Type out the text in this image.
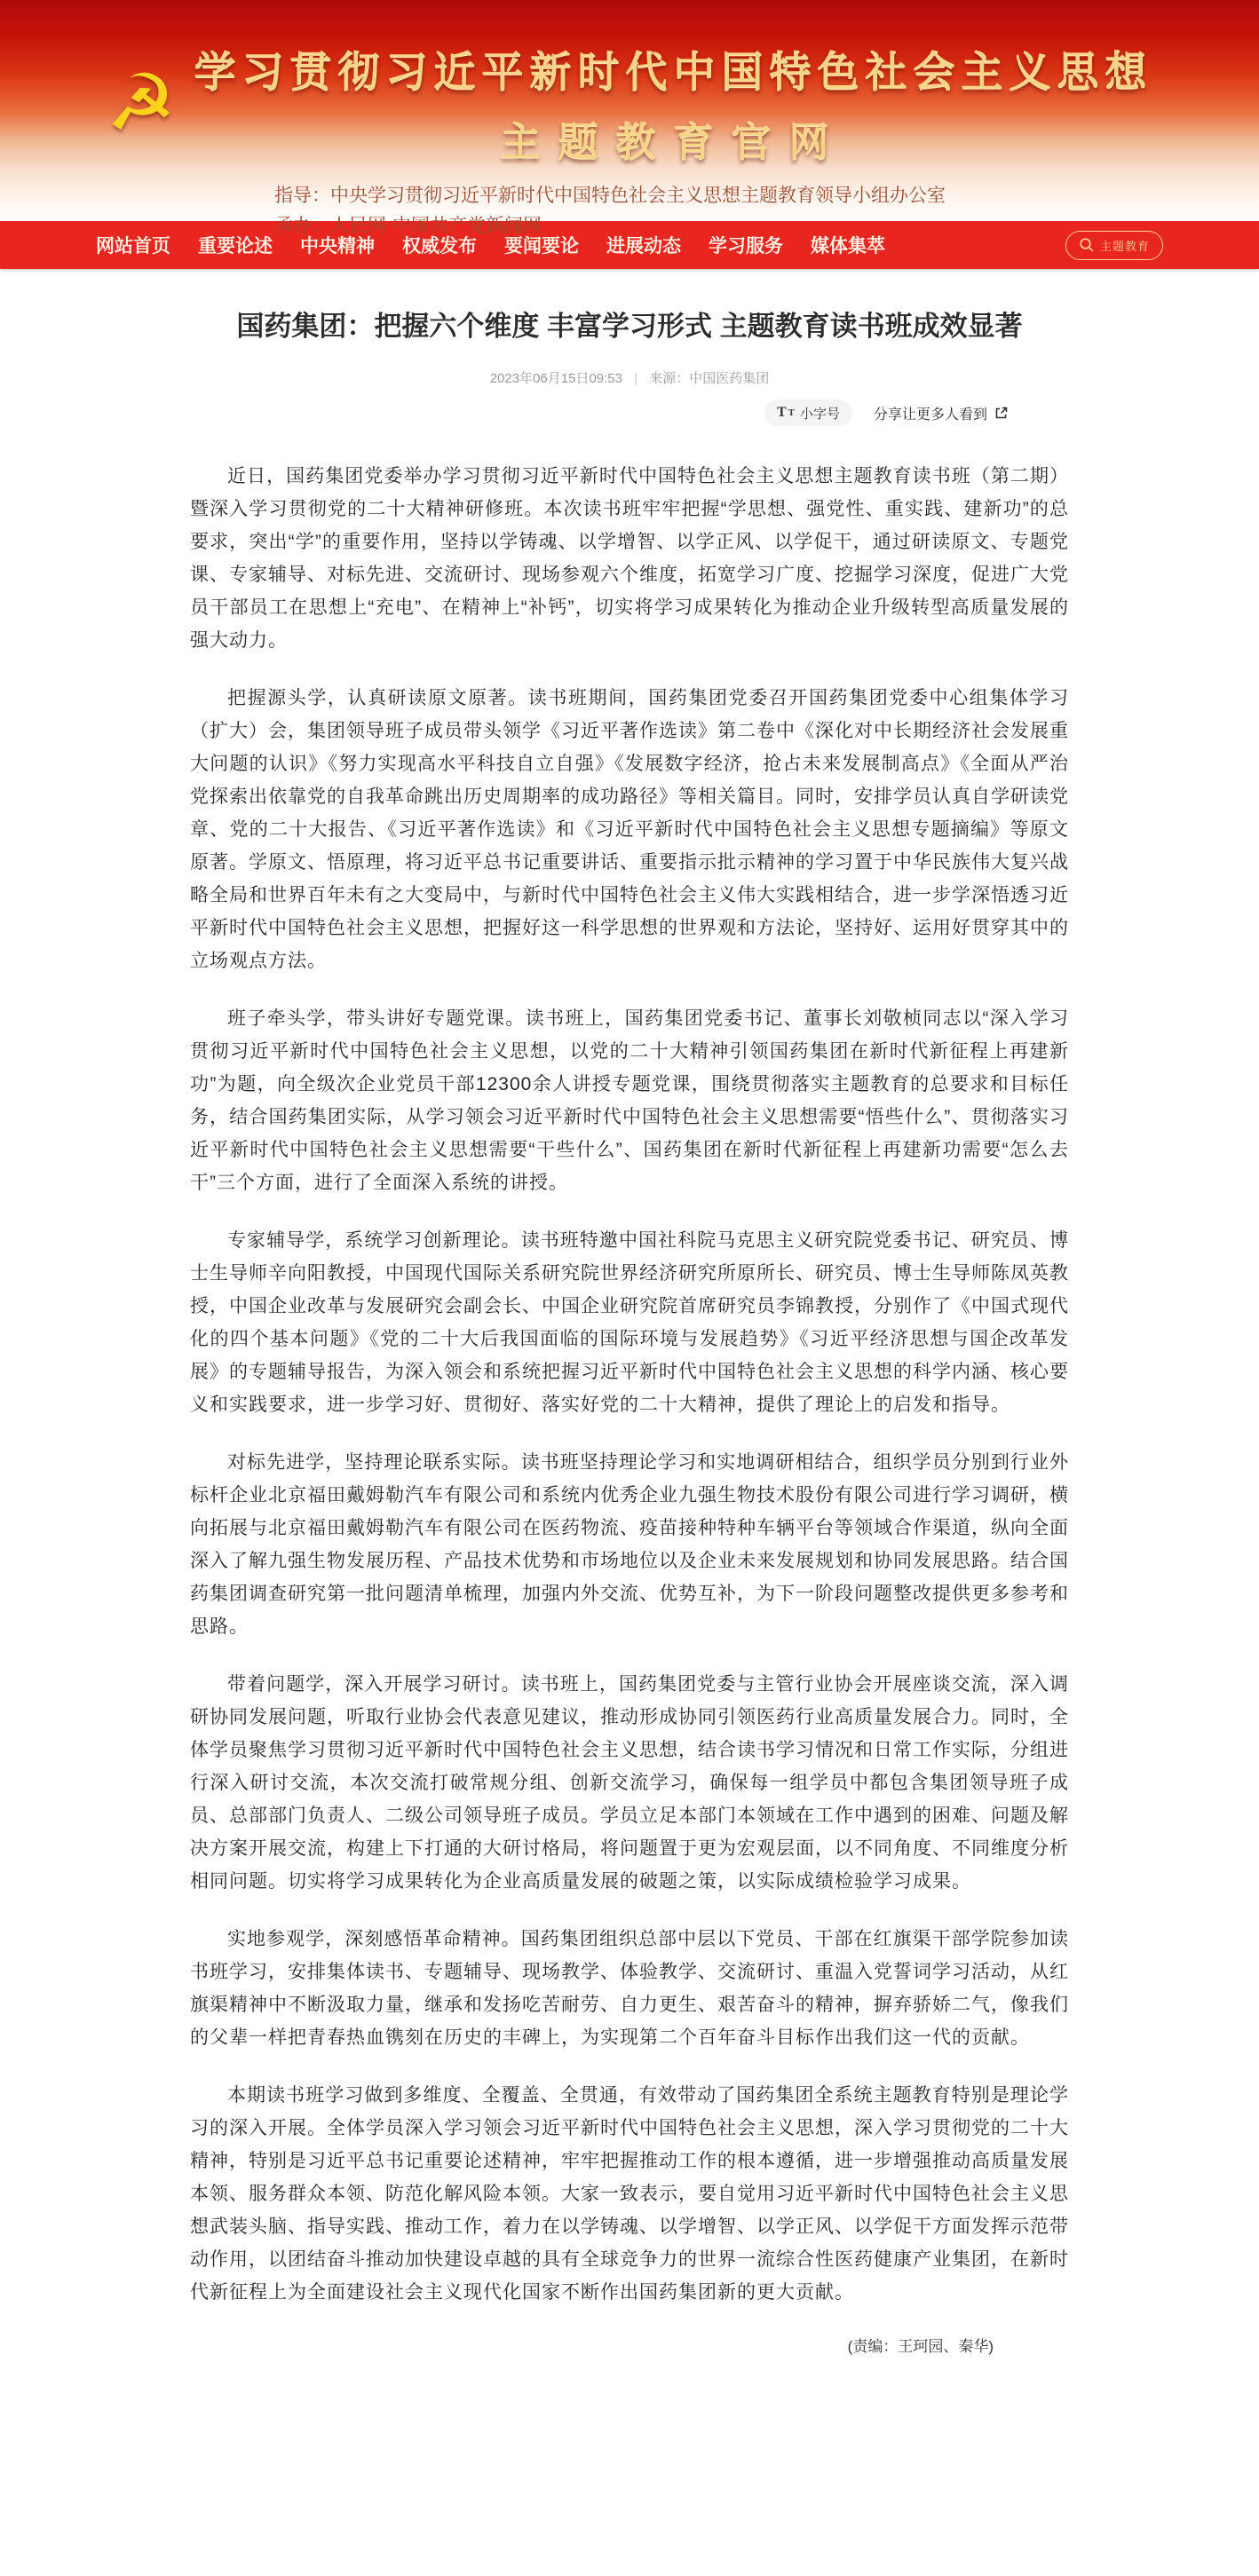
☭ 学习贯彻习近平新时代中国特色社会主义思想
主题教育官网
指导：中央学习贯彻习近平新时代中国特色社会主义思想主题教育领导小组办公室
承办：人民网·中国共产党新闻网
网站首页 重要论述 中央精神 权威发布 要闻要论 进展动态 学习服务 媒体集萃	主题教育
国药集团：把握六个维度 丰富学习形式 主题教育读书班成效显著
2023年06月15日09:53 | 来源：中国医药集团
T T 小字号 分享让更多人看到

近日，国药集团党委举办学习贯彻习近平新时代中国特色社会主义思想主题教育读书班（第二期）暨深入学习贯彻党的二十大精神研修班。本次读书班牢牢把握“学思想、强党性、重实践、建新功”的总要求，突出“学”的重要作用，坚持以学铸魂、以学增智、以学正风、以学促干，通过研读原文、专题党课、专家辅导、对标先进、交流研讨、现场参观六个维度，拓宽学习广度、挖掘学习深度，促进广大党员干部员工在思想上“充电”、在精神上“补钙”，切实将学习成果转化为推动企业升级转型高质量发展的强大动力。

把握源头学，认真研读原文原著。读书班期间，国药集团党委召开国药集团党委中心组集体学习（扩大）会，集团领导班子成员带头领学《习近平著作选读》第二卷中《深化对中长期经济社会发展重大问题的认识》《努力实现高水平科技自立自强》《发展数字经济，抢占未来发展制高点》《全面从严治党探索出依靠党的自我革命跳出历史周期率的成功路径》等相关篇目。同时，安排学员认真自学研读党章、党的二十大报告、《习近平著作选读》和《习近平新时代中国特色社会主义思想专题摘编》等原文原著。学原文、悟原理，将习近平总书记重要讲话、重要指示批示精神的学习置于中华民族伟大复兴战略全局和世界百年未有之大变局中，与新时代中国特色社会主义伟大实践相结合，进一步学深悟透习近平新时代中国特色社会主义思想，把握好这一科学思想的世界观和方法论，坚持好、运用好贯穿其中的立场观点方法。

班子牵头学，带头讲好专题党课。读书班上，国药集团党委书记、董事长刘敬桢同志以“深入学习贯彻习近平新时代中国特色社会主义思想，以党的二十大精神引领国药集团在新时代新征程上再建新功”为题，向全级次企业党员干部12300余人讲授专题党课，围绕贯彻落实主题教育的总要求和目标任务，结合国药集团实际，从学习领会习近平新时代中国特色社会主义思想需要“悟些什么”、贯彻落实习近平新时代中国特色社会主义思想需要“干些什么”、国药集团在新时代新征程上再建新功需要“怎么去干”三个方面，进行了全面深入系统的讲授。

专家辅导学，系统学习创新理论。读书班特邀中国社科院马克思主义研究院党委书记、研究员、博士生导师辛向阳教授，中国现代国际关系研究院世界经济研究所原所长、研究员、博士生导师陈凤英教授，中国企业改革与发展研究会副会长、中国企业研究院首席研究员李锦教授，分别作了《中国式现代化的四个基本问题》《党的二十大后我国面临的国际环境与发展趋势》《习近平经济思想与国企改革发展》的专题辅导报告，为深入领会和系统把握习近平新时代中国特色社会主义思想的科学内涵、核心要义和实践要求，进一步学习好、贯彻好、落实好党的二十大精神，提供了理论上的启发和指导。

对标先进学，坚持理论联系实际。读书班坚持理论学习和实地调研相结合，组织学员分别到行业外标杆企业北京福田戴姆勒汽车有限公司和系统内优秀企业九强生物技术股份有限公司进行学习调研，横向拓展与北京福田戴姆勒汽车有限公司在医药物流、疫苗接种特种车辆平台等领域合作渠道，纵向全面深入了解九强生物发展历程、产品技术优势和市场地位以及企业未来发展规划和协同发展思路。结合国药集团调查研究第一批问题清单梳理，加强内外交流、优势互补，为下一阶段问题整改提供更多参考和思路。

带着问题学，深入开展学习研讨。读书班上，国药集团党委与主管行业协会开展座谈交流，深入调研协同发展问题，听取行业协会代表意见建议，推动形成协同引领医药行业高质量发展合力。同时，全体学员聚焦学习贯彻习近平新时代中国特色社会主义思想，结合读书学习情况和日常工作实际，分组进行深入研讨交流，本次交流打破常规分组、创新交流学习，确保每一组学员中都包含集团领导班子成员、总部部门负责人、二级公司领导班子成员。学员立足本部门本领域在工作中遇到的困难、问题及解决方案开展交流，构建上下打通的大研讨格局，将问题置于更为宏观层面，以不同角度、不同维度分析相同问题。切实将学习成果转化为企业高质量发展的破题之策，以实际成绩检验学习成果。

实地参观学，深刻感悟革命精神。国药集团组织总部中层以下党员、干部在红旗渠干部学院参加读书班学习，安排集体读书、专题辅导、现场教学、体验教学、交流研讨、重温入党誓词学习活动，从红旗渠精神中不断汲取力量，继承和发扬吃苦耐劳、自力更生、艰苦奋斗的精神，摒弃骄娇二气，像我们的父辈一样把青春热血镌刻在历史的丰碑上，为实现第二个百年奋斗目标作出我们这一代的贡献。

本期读书班学习做到多维度、全覆盖、全贯通，有效带动了国药集团全系统主题教育特别是理论学习的深入开展。全体学员深入学习领会习近平新时代中国特色社会主义思想，深入学习贯彻党的二十大精神，特别是习近平总书记重要论述精神，牢牢把握推动工作的根本遵循，进一步增强推动高质量发展本领、服务群众本领、防范化解风险本领。大家一致表示，要自觉用习近平新时代中国特色社会主义思想武装头脑、指导实践、推动工作，着力在以学铸魂、以学增智、以学正风、以学促干方面发挥示范带动作用，以团结奋斗推动加快建设卓越的具有全球竞争力的世界一流综合性医药健康产业集团，在新时代新征程上为全面建设社会主义现代化国家不断作出国药集团新的更大贡献。

(责编：王珂园、秦华)
